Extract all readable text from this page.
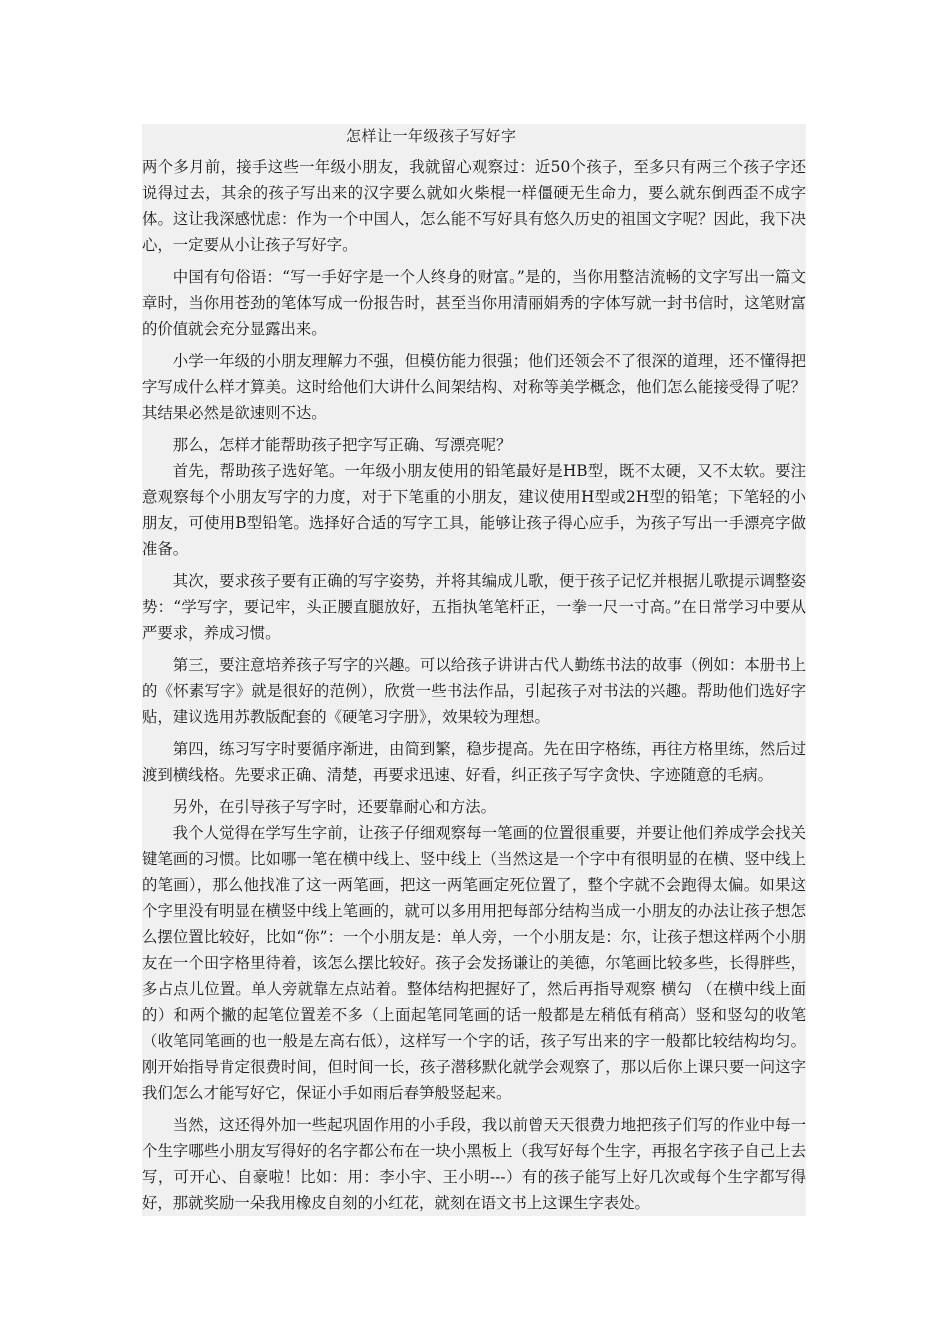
怎样让一年级孩子写好字

两个多月前，接手这些一年级小朋友，我就留心观察过：近50个孩子，至多只有两三个孩子字还说得过去，其余的孩子写出来的汉字要么就如火柴棍一样僵硬无生命力，要么就东倒西歪不成字体。这让我深感忧虑：作为一个中国人，怎么能不写好具有悠久历史的祖国文字呢？因此，我下决心，一定要从小让孩子写好字。

中国有句俗语：“写一手好字是一个人终身的财富。”是的，当你用整洁流畅的文字写出一篇文章时，当你用苍劲的笔体写成一份报告时，甚至当你用清丽娟秀的字体写就一封书信时，这笔财富的价值就会充分显露出来。

小学一年级的小朋友理解力不强，但模仿能力很强；他们还领会不了很深的道理，还不懂得把字写成什么样才算美。这时给他们大讲什么间架结构、对称等美学概念，他们怎么能接受得了呢？其结果必然是欲速则不达。

那么，怎样才能帮助孩子把字写正确、写漂亮呢？

首先，帮助孩子选好笔。一年级小朋友使用的铅笔最好是HB型，既不太硬，又不太软。要注意观察每个小朋友写字的力度，对于下笔重的小朋友，建议使用H型或2H型的铅笔；下笔轻的小朋友，可使用B型铅笔。选择好合适的写字工具，能够让孩子得心应手，为孩子写出一手漂亮字做准备。

其次，要求孩子要有正确的写字姿势，并将其编成儿歌，便于孩子记忆并根据儿歌提示调整姿势：“学写字，要记牢，头正腰直腿放好，五指执笔笔杆正，一拳一尺一寸高。”在日常学习中要从严要求，养成习惯。

第三，要注意培养孩子写字的兴趣。可以给孩子讲讲古代人勤练书法的故事（例如：本册书上的《怀素写字》就是很好的范例），欣赏一些书法作品，引起孩子对书法的兴趣。帮助他们选好字贴，建议选用苏教版配套的《硬笔习字册》，效果较为理想。

第四，练习写字时要循序渐进，由简到繁，稳步提高。先在田字格练，再往方格里练，然后过渡到横线格。先要求正确、清楚，再要求迅速、好看，纠正孩子写字贪快、字迹随意的毛病。

另外，在引导孩子写字时，还要靠耐心和方法。

我个人觉得在学写生字前，让孩子仔细观察每一笔画的位置很重要，并要让他们养成学会找关键笔画的习惯。比如哪一笔在横中线上、竖中线上（当然这是一个字中有很明显的在横、竖中线上的笔画），那么他找准了这一两笔画，把这一两笔画定死位置了，整个字就不会跑得太偏。如果这个字里没有明显在横竖中线上笔画的，就可以多用用把每部分结构当成一小朋友的办法让孩子想怎么摆位置比较好，比如“你”：一个小朋友是：单人旁，一个小朋友是：尔，让孩子想这样两个小朋友在一个田字格里待着，该怎么摆比较好。孩子会发扬谦让的美德，尔笔画比较多些，长得胖些，多占点儿位置。单人旁就靠左点站着。整体结构把握好了，然后再指导观察 横勾 （在横中线上面的）和两个撇的起笔位置差不多（上面起笔同笔画的话一般都是左稍低有稍高）竖和竖勾的收笔（收笔同笔画的也一般是左高右低），这样写一个字的话，孩子写出来的字一般都比较结构均匀。刚开始指导肯定很费时间，但时间一长，孩子潜移默化就学会观察了，那以后你上课只要一问这字我们怎么才能写好它，保证小手如雨后春笋般竖起来。

当然，这还得外加一些起巩固作用的小手段，我以前曾天天很费力地把孩子们写的作业中每一个生字哪些小朋友写得好的名字都公布在一块小黑板上（我写好每个生字，再报名字孩子自己上去写，可开心、自豪啦！比如：用：李小宇、王小明---）有的孩子能写上好几次或每个生字都写得好，那就奖励一朵我用橡皮自刻的小红花，就刻在语文书上这课生字表处。
